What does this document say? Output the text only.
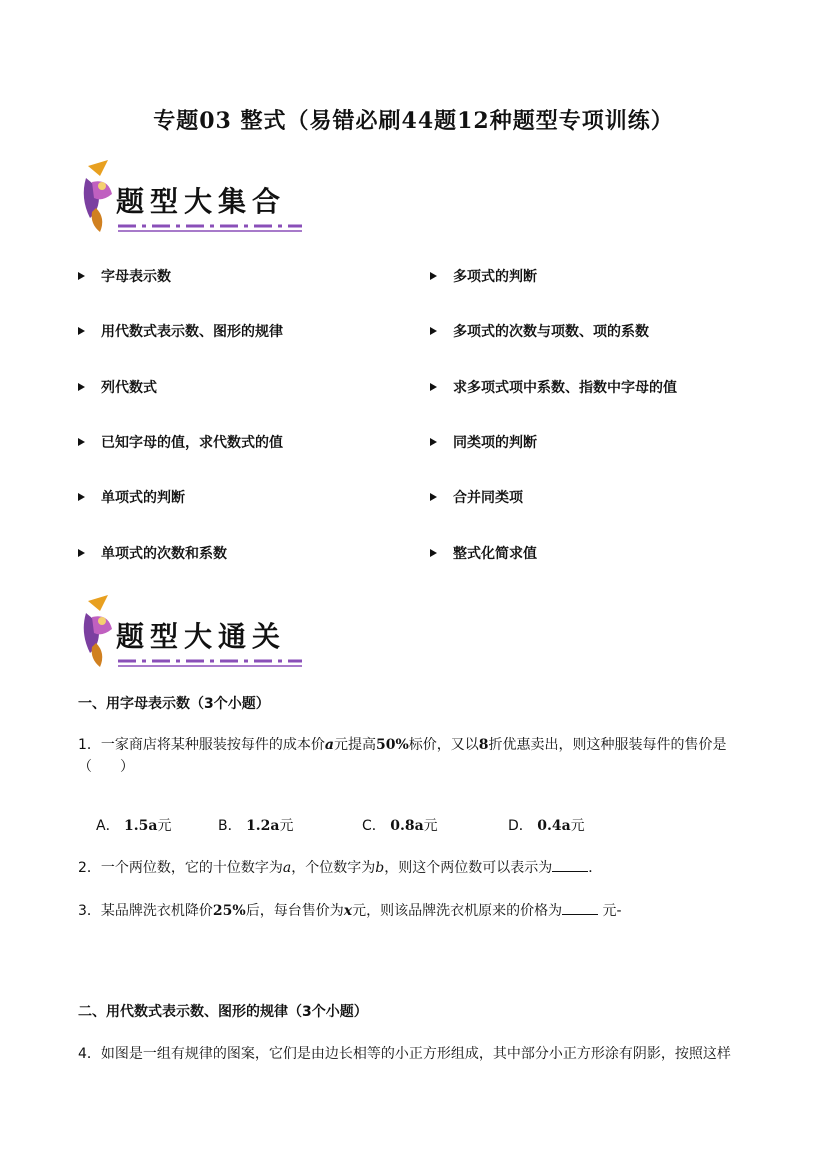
专题03 整式（易错必刷44题12种题型专项训练）
题型大集合
字母表示数
用代数式表示数、图形的规律
列代数式
已知字母的值，求代数式的值
单项式的判断
单项式的次数和系数
多项式的判断
多项式的次数与项数、项的系数
求多项式项中系数、指数中字母的值
同类项的判断
合并同类项
整式化简求值
题型大通关
一、用字母表示数（3个小题）
1．一家商店将某种服装按每件的成本价a元提高50%标价，又以8折优惠卖出，则这种服装每件的售价是
（　　）
A． 1.5a元	B． 1.2a元	C． 0.8a元	D． 0.4a元
2．一个两位数，它的十位数字为a，个位数字为b，则这个两位数可以表示为	．
3．某品牌洗衣机降价25%后，每台售价为x元，则该品牌洗衣机原来的价格为	元-
二、用代数式表示数、图形的规律（3个小题）
4．如图是一组有规律的图案，它们是由边长相等的小正方形组成，其中部分小正方形涂有阴影，按照这样
